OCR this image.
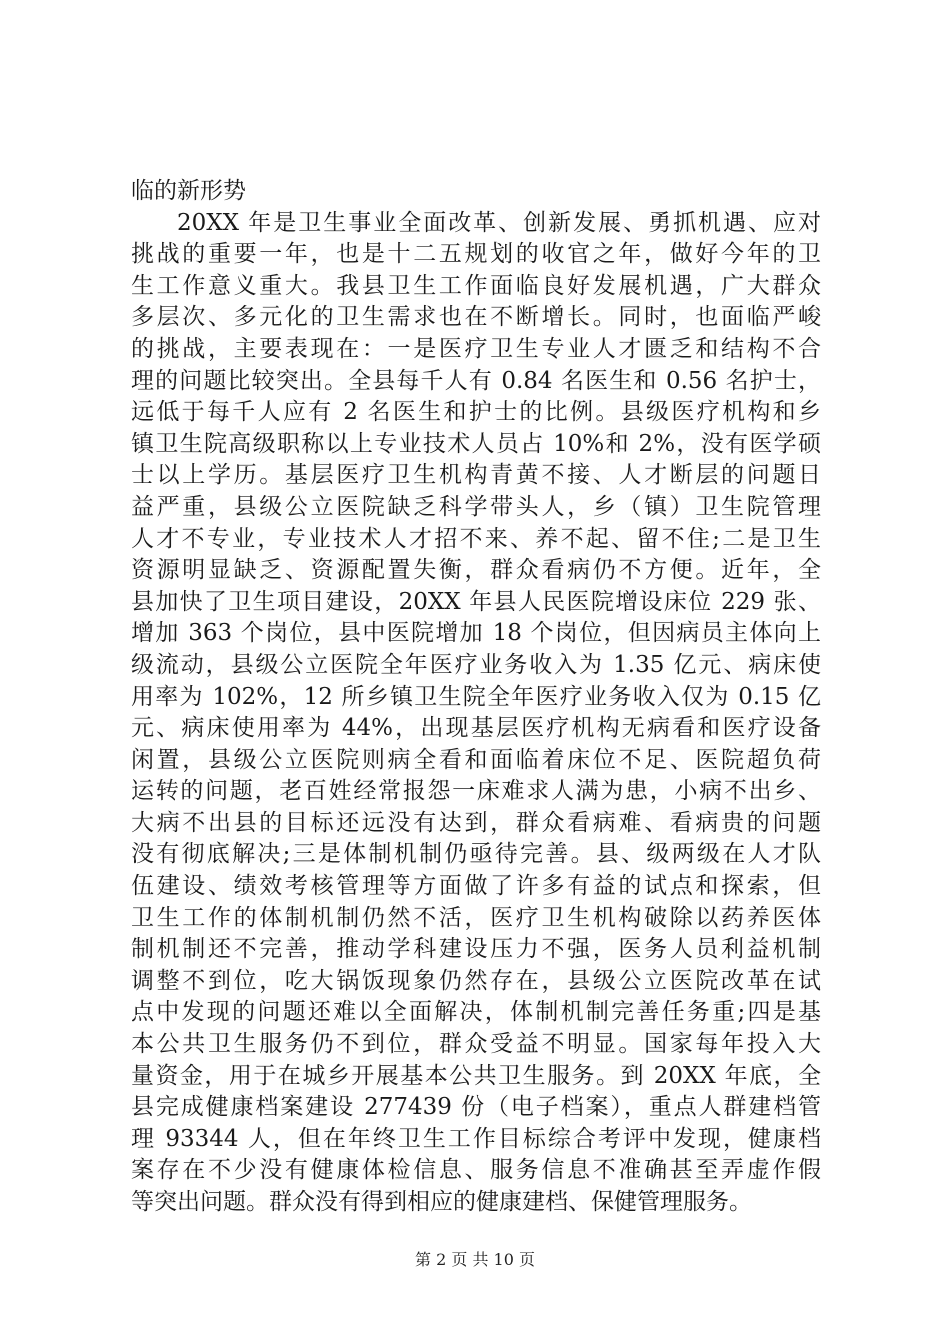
临的新形势
20XX 年是卫生事业全面改革、创新发展、勇抓机遇、应对
挑战的重要一年，也是十二五规划的收官之年，做好今年的卫
生工作意义重大。我县卫生工作面临良好发展机遇，广大群众
多层次、多元化的卫生需求也在不断增长。同时，也面临严峻
的挑战，主要表现在：一是医疗卫生专业人才匮乏和结构不合
理的问题比较突出。全县每千人有 0.84 名医生和 0.56 名护士，
远低于每千人应有 2 名医生和护士的比例。县级医疗机构和乡
镇卫生院高级职称以上专业技术人员占 10%和 2%，没有医学硕
士以上学历。基层医疗卫生机构青黄不接、人才断层的问题日
益严重，县级公立医院缺乏科学带头人，乡（镇）卫生院管理
人才不专业，专业技术人才招不来、养不起、留不住;二是卫生
资源明显缺乏、资源配置失衡，群众看病仍不方便。近年，全
县加快了卫生项目建设，20XX 年县人民医院增设床位 229 张、
增加 363 个岗位，县中医院增加 18 个岗位，但因病员主体向上
级流动，县级公立医院全年医疗业务收入为 1.35 亿元、病床使
用率为 102%，12 所乡镇卫生院全年医疗业务收入仅为 0.15 亿
元、病床使用率为 44%，出现基层医疗机构无病看和医疗设备
闲置，县级公立医院则病全看和面临着床位不足、医院超负荷
运转的问题，老百姓经常报怨一床难求人满为患，小病不出乡、
大病不出县的目标还远没有达到，群众看病难、看病贵的问题
没有彻底解决;三是体制机制仍亟待完善。县、级两级在人才队
伍建设、绩效考核管理等方面做了许多有益的试点和探索，但
卫生工作的体制机制仍然不活，医疗卫生机构破除以药养医体
制机制还不完善，推动学科建设压力不强，医务人员利益机制
调整不到位，吃大锅饭现象仍然存在，县级公立医院改革在试
点中发现的问题还难以全面解决，体制机制完善任务重;四是基
本公共卫生服务仍不到位，群众受益不明显。国家每年投入大
量资金，用于在城乡开展基本公共卫生服务。到 20XX 年底，全
县完成健康档案建设 277439 份（电子档案），重点人群建档管
理 93344 人，但在年终卫生工作目标综合考评中发现，健康档
案存在不少没有健康体检信息、服务信息不准确甚至弄虚作假
等突出问题。群众没有得到相应的健康建档、保健管理服务。
第 2 页 共 10 页
